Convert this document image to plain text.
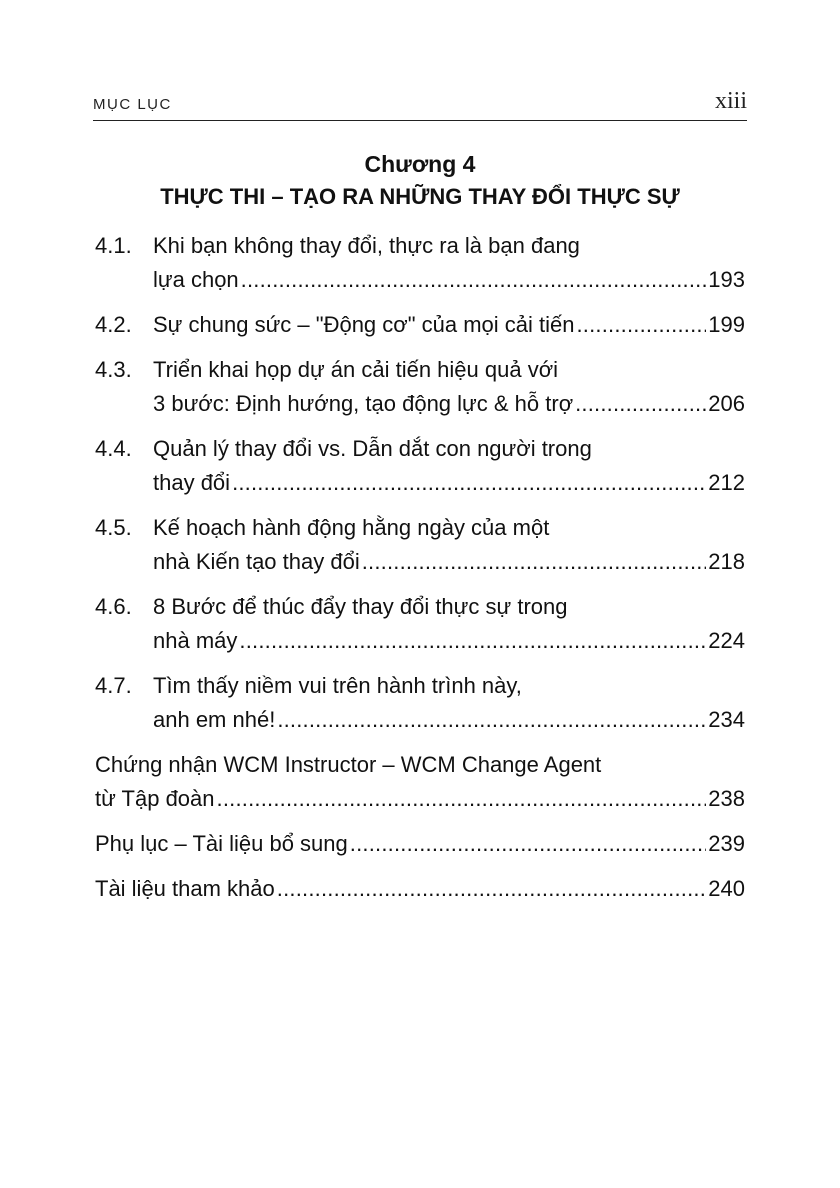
MỤC LỤC	xiii
Chương 4
THỰC THI – TẠO RA NHỮNG THAY ĐỔI THỰC SỰ
4.1. Khi bạn không thay đổi, thực ra là bạn đang
lựa chọn .....	193
4.2. Sự chung sức – "Động cơ" của mọi cải tiến .....	199
4.3. Triển khai họp dự án cải tiến hiệu quả với
3 bước: Định hướng, tạo động lực & hỗ trợ .....	206
4.4. Quản lý thay đổi vs. Dẫn dắt con người trong
thay đổi .....	212
4.5. Kế hoạch hành động hằng ngày của một
nhà Kiến tạo thay đổi .....	218
4.6. 8 Bước để thúc đẩy thay đổi thực sự trong
nhà máy .....	224
4.7. Tìm thấy niềm vui trên hành trình này,
anh em nhé! .....	234
Chứng nhận WCM Instructor – WCM Change Agent
từ Tập đoàn .....	238
Phụ lục – Tài liệu bổ sung .....	239
Tài liệu tham khảo .....	240
